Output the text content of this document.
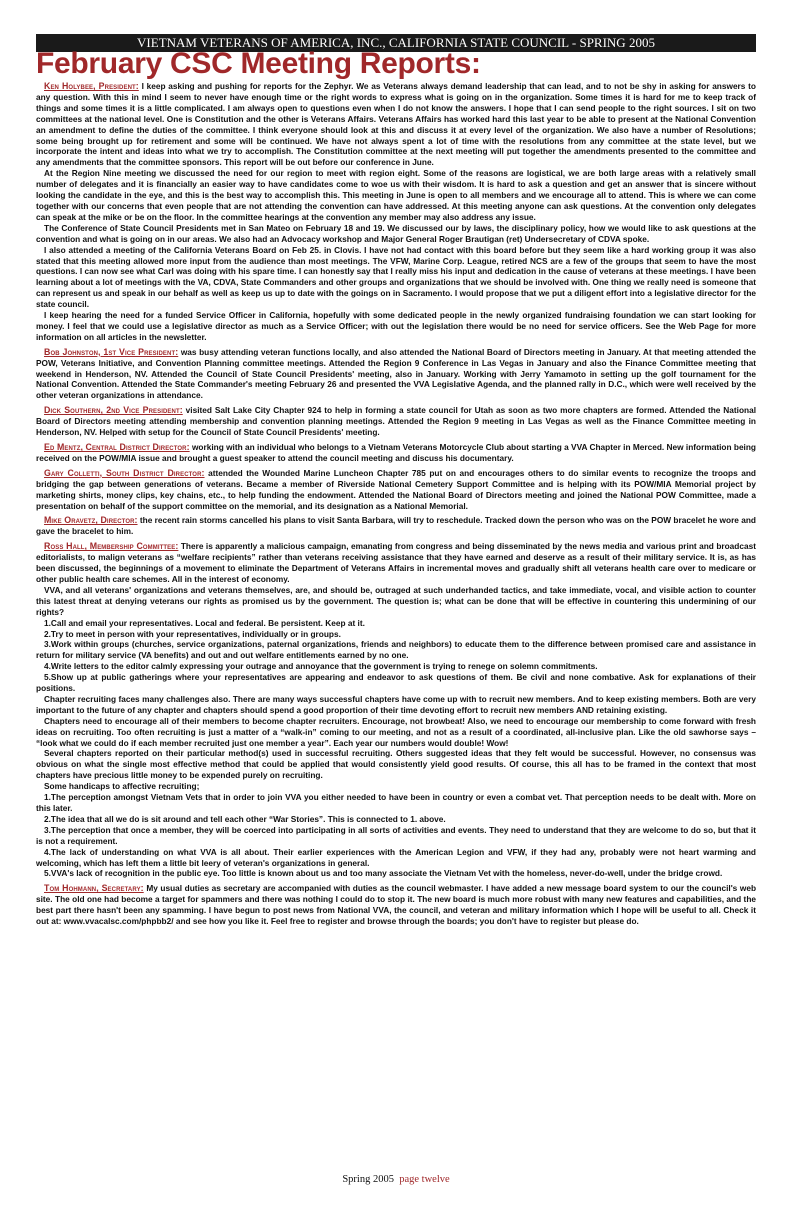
VIETNAM VETERANS OF AMERICA, INC., CALIFORNIA STATE COUNCIL - SPRING 2005
February CSC Meeting Reports:

Ken Holybee, President: I keep asking and pushing for reports for the Zephyr. We as Veterans always demand leadership that can lead, and to not be shy in asking for answers to any question. With this in mind I seem to never have enough time or the right words to express what is going on in the organization. Some times it is hard for me to keep track of things and some times it is a little complicated. I am always open to questions even when I do not know the answers. I hope that I can send people to the right sources. I sit on two committees at the national level. One is Constitution and the other is Veterans Affairs. Veterans Affairs has worked hard this last year to be able to present at the National Convention an amendment to define the duties of the committee. I think everyone should look at this and discuss it at every level of the organization. We also have a number of Resolutions; some being brought up for retirement and some will be continued. We have not always spent a lot of time with the resolutions from any committee at the state level, but we incorporate the intent and ideas into what we try to accomplish. The Constitution committee at the next meeting will put together the amendments presented to the committee and any amendments that the committee sponsors. This report will be out before our conference in June.

At the Region Nine meeting we discussed the need for our region to meet with region eight. Some of the reasons are logistical, we are both large areas with a relatively small number of delegates and it is financially an easier way to have candidates come to woe us with their wisdom. It is hard to ask a question and get an answer that is sincere without looking the candidate in the eye, and this is the best way to accomplish this. This meeting in June is open to all members and we encourage all to attend. This is where we can come together with our concerns that even people that are not attending the convention can have addressed. At this meeting anyone can ask questions. At the convention only delegates can speak at the mike or be on the floor. In the committee hearings at the convention any member may also address any issue.

The Conference of State Council Presidents met in San Mateo on February 18 and 19. We discussed our by laws, the disciplinary policy, how we would like to ask questions at the convention and what is going on in our areas. We also had an Advocacy workshop and Major General Roger Brautigan (ret) Undersecretary of CDVA spoke.

I also attended a meeting of the California Veterans Board on Feb 25. in Clovis. I have not had contact with this board before but they seem like a hard working group it was also stated that this meeting allowed more input from the audience than most meetings. The VFW, Marine Corp. League, retired NCS are a few of the groups that seem to have the most questions. I can now see what Carl was doing with his spare time. I can honestly say that I really miss his input and dedication in the cause of veterans at these meetings. I have been learning about a lot of meetings with the VA, CDVA, State Commanders and other groups and organizations that we should be involved with. One thing we really need is someone that can represent us and speak in our behalf as well as keep us up to date with the goings on in Sacramento. I would propose that we put a diligent effort into a legislative director for the state council.

I keep hearing the need for a funded Service Officer in California, hopefully with some dedicated people in the newly organized fundraising foundation we can start looking for money. I feel that we could use a legislative director as much as a Service Officer; with out the legislation there would be no need for service officers. See the Web Page for more information on all articles in the newsletter.

Bob Johnston, 1st Vice President: was busy attending veteran functions locally, and also attended the National Board of Directors meeting in January. At that meeting attended the POW, Veterans Initiative, and Convention Planning committee meetings. Attended the Region 9 Conference in Las Vegas in January and also the Finance Committee meeting that weekend in Henderson, NV. Attended the Council of State Council Presidents' meeting, also in January. Working with Jerry Yamamoto in setting up the golf tournament for the National Convention. Attended the State Commander's meeting February 26 and presented the VVA Legislative Agenda, and the planned rally in D.C., which were well received by the other veteran organizations in attendance.

Dick Southern, 2nd Vice President: visited Salt Lake City Chapter 924 to help in forming a state council for Utah as soon as two more chapters are formed. Attended the National Board of Directors meeting attending membership and convention planning meetings. Attended the Region 9 meeting in Las Vegas as well as the Finance Committee meeting in Henderson, NV. Helped with setup for the Council of State Council Presidents' meeting.

Ed Mentz, Central District Director: working with an individual who belongs to a Vietnam Veterans Motorcycle Club about starting a VVA Chapter in Merced. New information being received on the POW/MIA issue and brought a guest speaker to attend the council meeting and discuss his documentary.

Gary Colletti, South District Director: attended the Wounded Marine Luncheon Chapter 785 put on and encourages others to do similar events to recognize the troops and bridging the gap between generations of veterans. Became a member of Riverside National Cemetery Support Committee and is helping with its POW/MIA Memorial project by marketing shirts, money clips, key chains, etc., to help funding the endowment. Attended the National Board of Directors meeting and joined the National POW Committee, made a presentation on behalf of the support committee on the memorial, and its designation as a National Memorial.

Mike Oravetz, Director: the recent rain storms cancelled his plans to visit Santa Barbara, will try to reschedule. Tracked down the person who was on the POW bracelet he wore and gave the bracelet to him.

Ross Hall, Membership Committee: There is apparently a malicious campaign, emanating from congress and being disseminated by the news media and various print and broadcast editorialists, to malign veterans as “welfare recipients” rather than veterans receiving assistance that they have earned and deserve as a result of their military service. It is, as has been discussed, the beginnings of a movement to eliminate the Department of Veterans Affairs in incremental moves and gradually shift all veterans health care over to medicare or other public health care schemes. All in the interest of economy.

VVA, and all veterans' organizations and veterans themselves, are, and should be, outraged at such underhanded tactics, and take immediate, vocal, and visible action to counter this latest threat at denying veterans our rights as promised us by the government. The question is; what can be done that will be effective in countering this undermining of our rights?

1.Call and email your representatives. Local and federal. Be persistent. Keep at it.

2.Try to meet in person with your representatives, individually or in groups.

3.Work within groups (churches, service organizations, paternal organizations, friends and neighbors) to educate them to the difference between promised care and assistance in return for military service (VA benefits) and out and out welfare entitlements earned by no one.

4.Write letters to the editor calmly expressing your outrage and annoyance that the government is trying to renege on solemn commitments.

5.Show up at public gatherings where your representatives are appearing and endeavor to ask questions of them. Be civil and none combative. Ask for explanations of their positions.

Chapter recruiting faces many challenges also. There are many ways successful chapters have come up with to recruit new members. And to keep existing members. Both are very important to the future of any chapter and chapters should spend a good proportion of their time devoting effort to recruit new members AND retaining existing.

Chapters need to encourage all of their members to become chapter recruiters. Encourage, not browbeat! Also, we need to encourage our membership to come forward with fresh ideas on recruiting. Too often recruiting is just a matter of a “walk-in” coming to our meeting, and not as a result of a coordinated, all-inclusive plan. Like the old sawhorse says – “look what we could do if each member recruited just one member a year”. Each year our numbers would double! Wow!

Several chapters reported on their particular method(s) used in successful recruiting. Others suggested ideas that they felt would be successful. However, no consensus was obvious on what the single most effective method that could be applied that would consistently yield good results. Of course, this all has to be framed in the context that most chapters have precious little money to be expended purely on recruiting.

Some handicaps to affective recruiting;

1.The perception amongst Vietnam Vets that in order to join VVA you either needed to have been in country or even a combat vet. That perception needs to be dealt with. More on this later.

2.The idea that all we do is sit around and tell each other “War Stories”. This is connected to 1. above.

3.The perception that once a member, they will be coerced into participating in all sorts of activities and events. They need to understand that they are welcome to do so, but that it is not a requirement.

4.The lack of understanding on what VVA is all about. Their earlier experiences with the American Legion and VFW, if they had any, probably were not heart warming and welcoming, which has left them a little bit leery of veteran's organizations in general.

5.VVA's lack of recognition in the public eye. Too little is known about us and too many associate the Vietnam Vet with the homeless, never-do-well, under the bridge crowd.

Tom Hohmann, Secretary: My usual duties as secretary are accompanied with duties as the council webmaster. I have added a new message board system to our the council's web site. The old one had become a target for spammers and there was nothing I could do to stop it. The new board is much more robust with many new features and capabilities, and the best part there hasn't been any spamming. I have begun to post news from National VVA, the council, and veteran and military information which I hope will be useful to all. Check it out at: www.vvacalsc.com/phpbb2/ and see how you like it. Feel free to register and browse through the boards; you don't have to register but please do.

Spring 2005 page twelve
